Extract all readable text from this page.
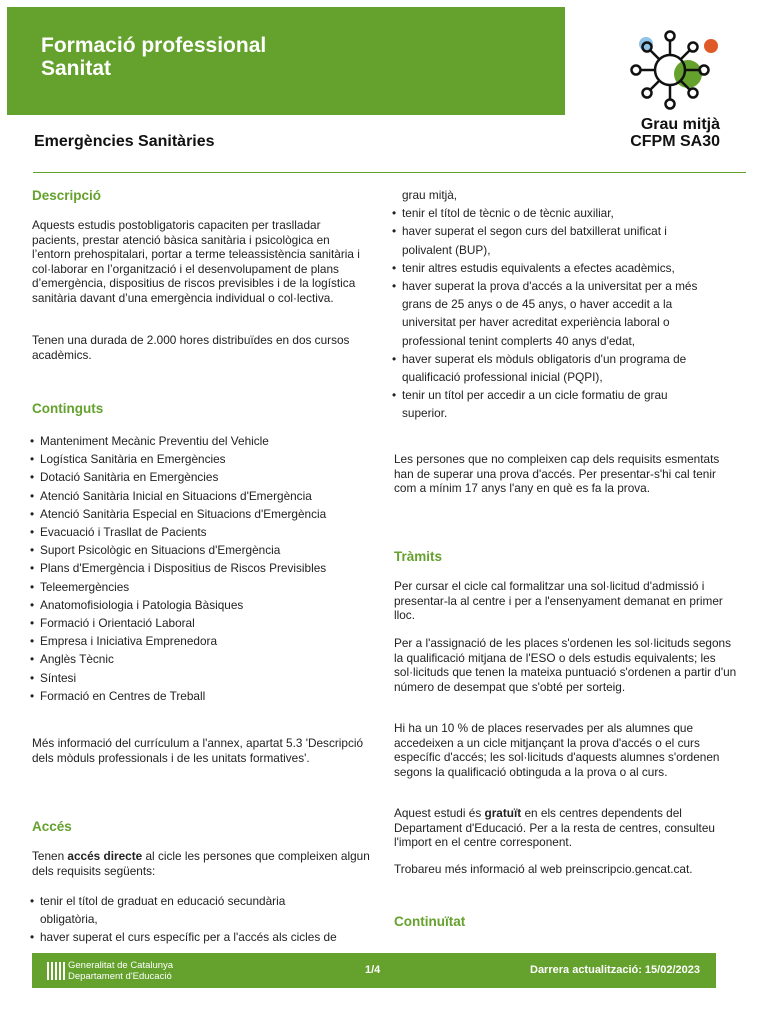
Formació professional
Sanitat
Emergències Sanitàries
Grau mitjà
CFPM SA30
Descripció
Aquests estudis postobligatoris capaciten per traslladar pacients, prestar atenció bàsica sanitària i psicològica en l’entorn prehospitalari, portar a terme teleassistència sanitària i col·laborar en l’organització i el desenvolupament de plans d’emergència, dispositius de riscos previsibles i de la logística sanitària davant d’una emergència individual o col·lectiva.
Tenen una durada de 2.000 hores distribuïdes en dos cursos acadèmics.
Continguts
• Manteniment Mecànic Preventiu del Vehicle
• Logística Sanitària en Emergències
• Dotació Sanitària en Emergències
• Atenció Sanitària Inicial en Situacions d'Emergència
• Atenció Sanitària Especial en Situacions d'Emergència
• Evacuació i Trasllat de Pacients
• Suport Psicològic en Situacions d'Emergència
• Plans d'Emergència i Dispositius de Riscos Previsibles
• Teleemergències
• Anatomofisiologia i Patologia Bàsiques
• Formació i Orientació Laboral
• Empresa i Iniciativa Emprenedora
• Anglès Tècnic
• Síntesi
• Formació en Centres de Treball
Més informació del currículum a l'annex, apartat 5.3 'Descripció dels mòduls professionals i de les unitats formatives'.
Accés
Tenen accés directe al cicle les persones que compleixen algun dels requisits següents:
• tenir el títol de graduat en educació secundària
obligatòria,
• haver superat el curs específic per a l'accés als cicles de
grau mitjà,
• tenir el títol de tècnic o de tècnic auxiliar,
• haver superat el segon curs del batxillerat unificat i
polivalent (BUP),
• tenir altres estudis equivalents a efectes acadèmics,
• haver superat la prova d'accés a la universitat per a més
grans de 25 anys o de 45 anys, o haver accedit a la
universitat per haver acreditat experiència laboral o
professional tenint complerts 40 anys d'edat,
• haver superat els mòduls obligatoris d'un programa de
qualificació professional inicial (PQPI),
• tenir un títol per accedir a un cicle formatiu de grau
superior.
Les persones que no compleixen cap dels requisits esmentats han de superar una prova d'accés. Per presentar-s'hi cal tenir com a mínim 17 anys l'any en què es fa la prova.
Tràmits
Per cursar el cicle cal formalitzar una sol·licitud d'admissió i presentar-la al centre i per a l'ensenyament demanat en primer lloc.
Per a l'assignació de les places s'ordenen les sol·licituds segons la qualificació mitjana de l'ESO o dels estudis equivalents; les sol·licituds que tenen la mateixa puntuació s'ordenen a partir d'un número de desempat que s'obté per sorteig.
Hi ha un 10 % de places reservades per als alumnes que accedeixen a un cicle mitjançant la prova d'accés o el curs específic d'accés; les sol·licituds d'aquests alumnes s'ordenen segons la qualificació obtinguda a la prova o al curs.
Aquest estudi és gratuït en els centres dependents del Departament d'Educació. Per a la resta de centres, consulteu l'import en el centre corresponent.
Trobareu més informació al web preinscripcio.gencat.cat.
Continuïtat
Generalitat de Catalunya
Departament d'Educació	1/4	Darrera actualització: 15/02/2023
